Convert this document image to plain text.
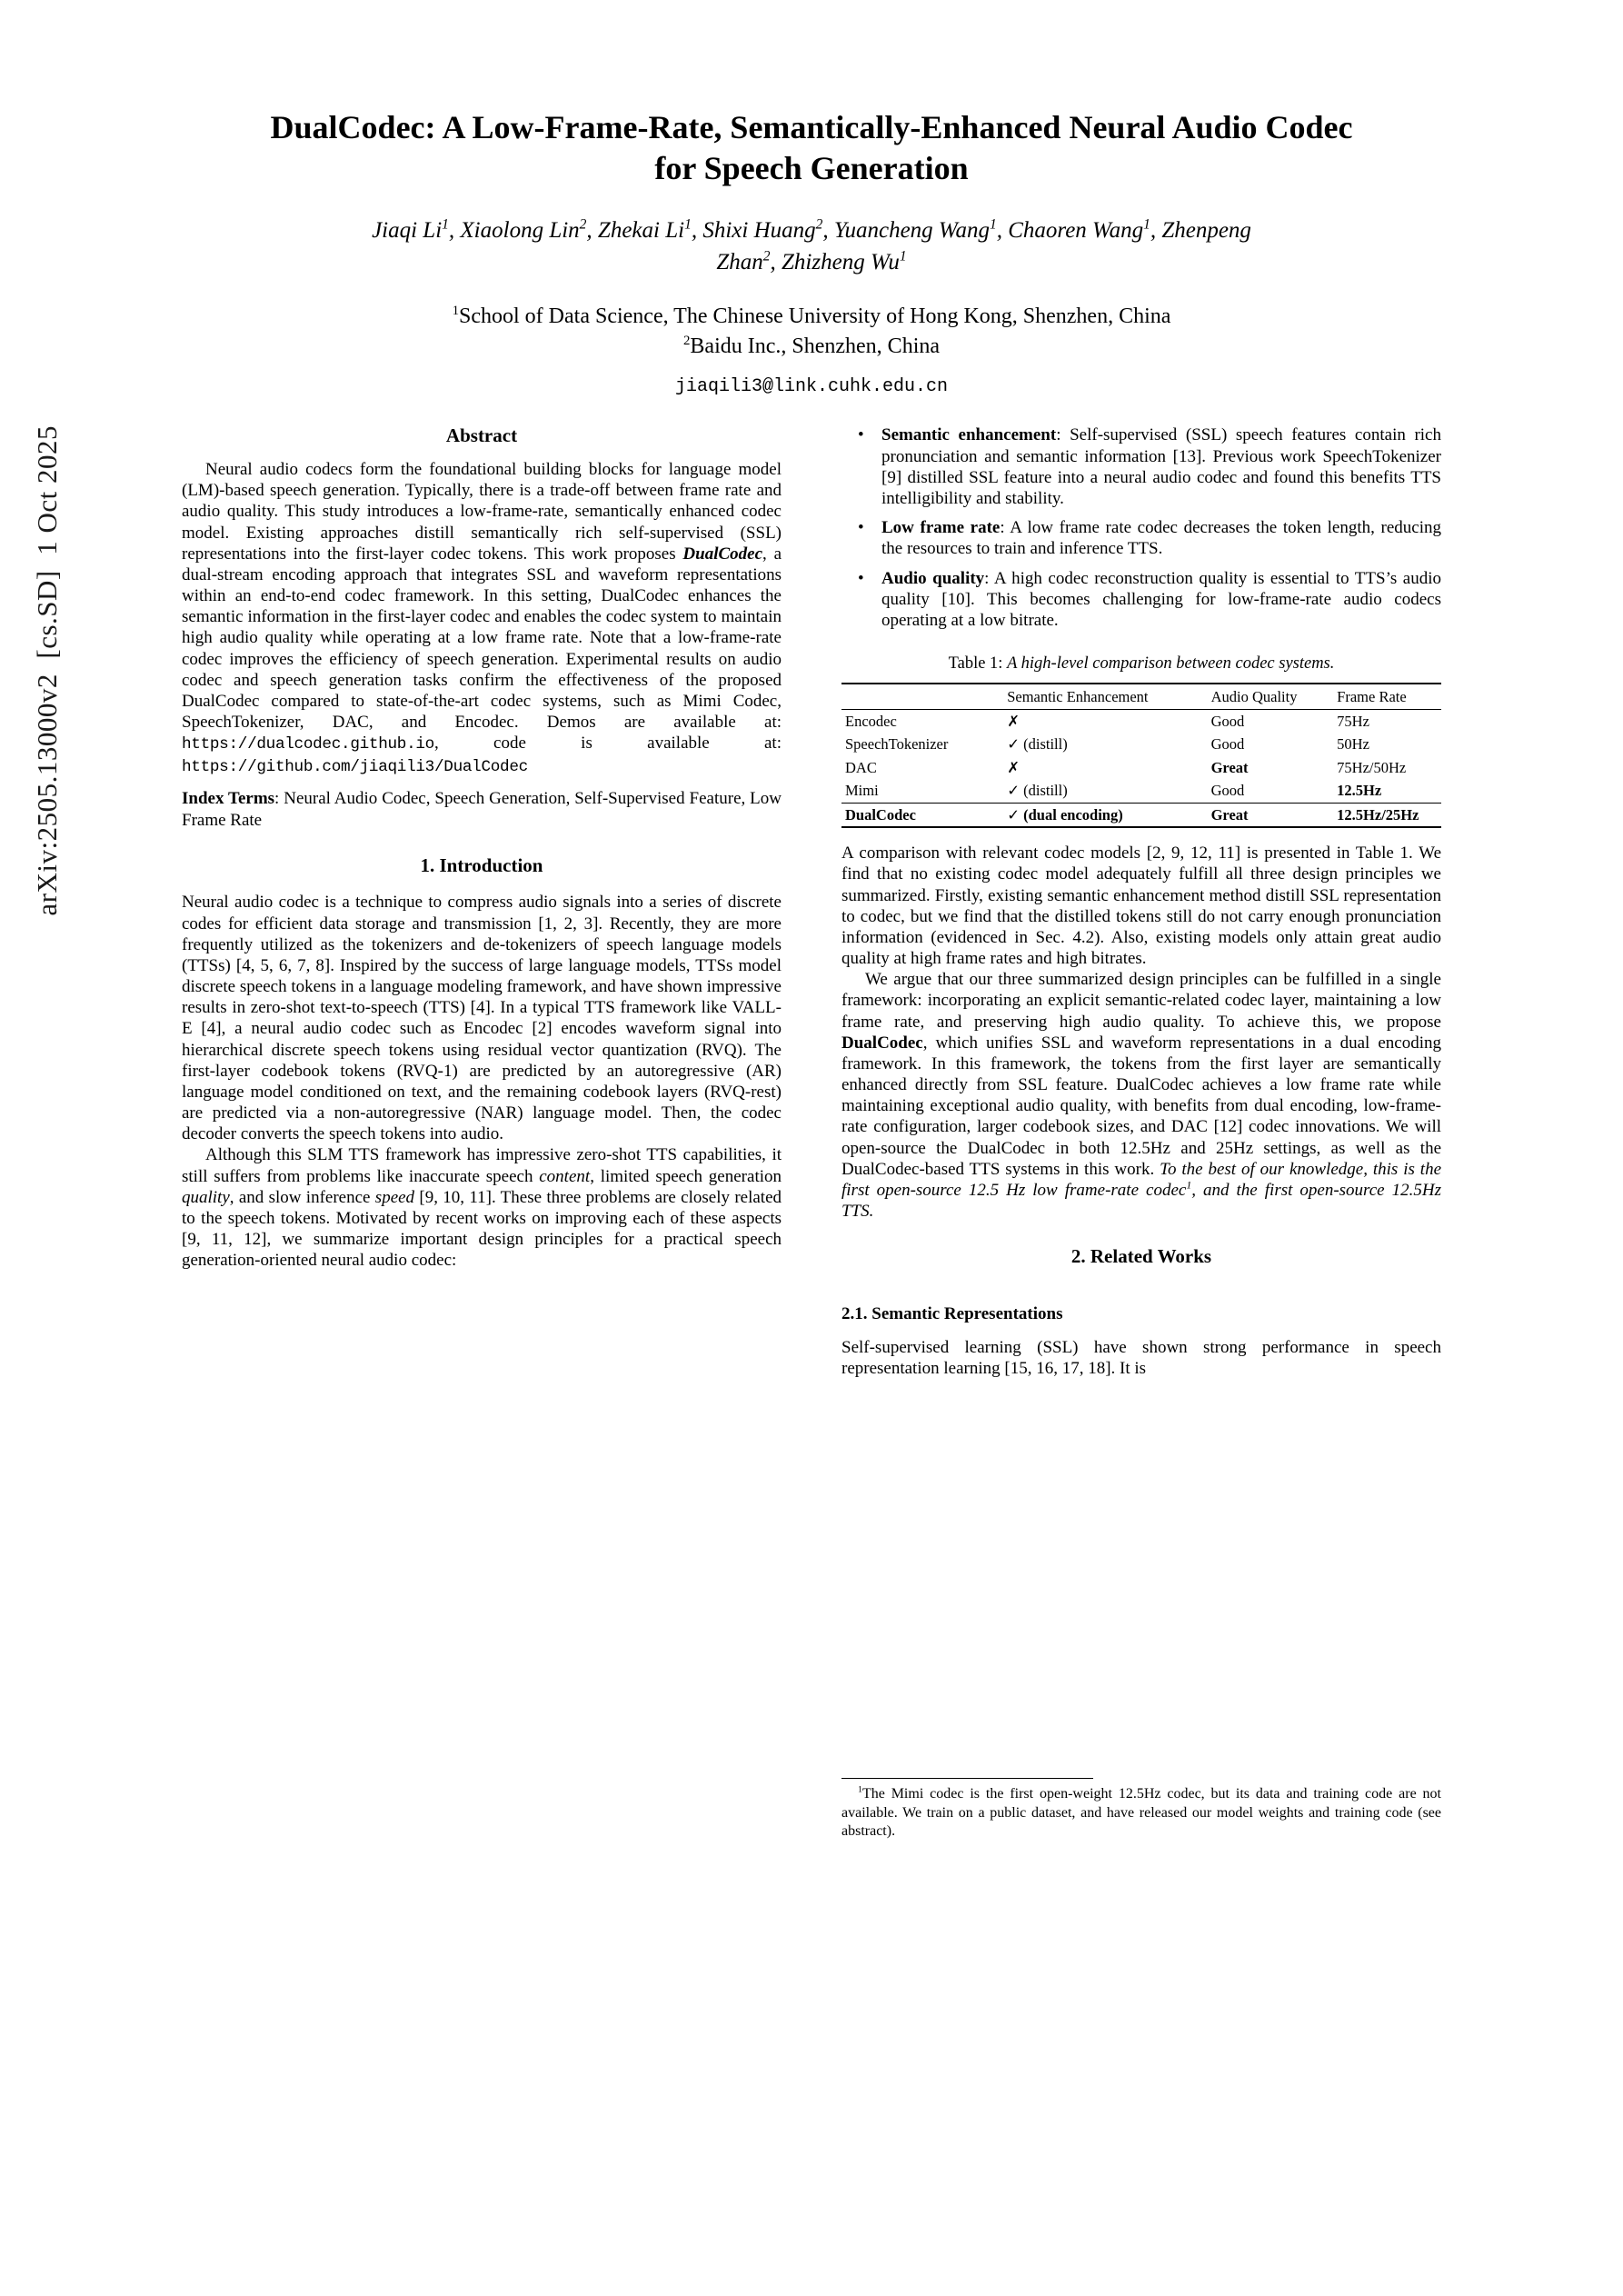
arXiv:2505.13000v2  [cs.SD]  1 Oct 2025
DualCodec: A Low-Frame-Rate, Semantically-Enhanced Neural Audio Codec
for Speech Generation
Jiaqi Li$^1$, Xiaolong Lin$^2$, Zhekai Li$^1$, Shixi Huang$^2$, Yuancheng Wang$^1$, Chaoren Wang$^1$, Zhenpeng
Zhan$^2$, Zhizheng Wu$^1$
$^1$School of Data Science, The Chinese University of Hong Kong, Shenzhen, China
$^2$Baidu Inc., Shenzhen, China
jiaqili3@link.cuhk.edu.cn
Abstract

Neural audio codecs form the foundational building blocks for language model (LM)-based speech generation. Typically, there is a trade-off between frame rate and audio quality. This study introduces a low-frame-rate, semantically enhanced codec model. Existing approaches distill semantically rich self-supervised (SSL) representations into the first-layer codec tokens. This work proposes DualCodec, a dual-stream encoding approach that integrates SSL and waveform representations within an end-to-end codec framework. In this setting, DualCodec enhances the semantic information in the first-layer codec and enables the codec system to maintain high audio quality while operating at a low frame rate. Note that a low-frame-rate codec improves the efficiency of speech generation. Experimental results on audio codec and speech generation tasks confirm the effectiveness of the proposed DualCodec compared to state-of-the-art codec systems, such as Mimi Codec, SpeechTokenizer, DAC, and Encodec. Demos are available at: https://dualcodec.github.io, code is available at: https://github.com/jiaqili3/DualCodec

Index Terms: Neural Audio Codec, Speech Generation, Self-Supervised Feature, Low Frame Rate

1. Introduction

Neural audio codec is a technique to compress audio signals into a series of discrete codes for efficient data storage and transmission [1, 2, 3]. Recently, they are more frequently utilized as the tokenizers and de-tokenizers of speech language models (TTSs) [4, 5, 6, 7, 8]. Inspired by the success of large language models, TTSs model discrete speech tokens in a language modeling framework, and have shown impressive results in zero-shot text-to-speech (TTS) [4]. In a typical TTS framework like VALL-E [4], a neural audio codec such as Encodec [2] encodes waveform signal into hierarchical discrete speech tokens using residual vector quantization (RVQ). The first-layer codebook tokens (RVQ-1) are predicted by an autoregressive (AR) language model conditioned on text, and the remaining codebook layers (RVQ-rest) are predicted via a non-autoregressive (NAR) language model. Then, the codec decoder converts the speech tokens into audio.

Although this SLM TTS framework has impressive zero-shot TTS capabilities, it still suffers from problems like inaccurate speech content, limited speech generation quality, and slow inference speed [9, 10, 11]. These three problems are closely related to the speech tokens. Motivated by recent works on improving each of these aspects [9, 11, 12], we summarize important design principles for a practical speech generation-oriented neural audio codec:

• Semantic enhancement: Self-supervised (SSL) speech features contain rich pronunciation and semantic information [13]. Previous work SpeechTokenizer [9] distilled SSL feature into a neural audio codec and found this benefits TTS intelligibility and stability.
• Low frame rate: A low frame rate codec decreases the token length, reducing the resources to train and inference TTS.
• Audio quality: A high codec reconstruction quality is essential to TTS’s audio quality [10]. This becomes challenging for low-frame-rate audio codecs operating at a low bitrate.
Table 1: A high-level comparison between codec systems.
	Semantic Enhancement	Audio Quality	Frame Rate
Encodec	✗	Good	75Hz
SpeechTokenizer	✓ (distill)	Good	50Hz
DAC	✗	Great	75Hz/50Hz
Mimi	✓ (distill)	Good	12.5Hz
DualCodec	✓ (dual encoding)	Great	12.5Hz/25Hz

A comparison with relevant codec models [2, 9, 12, 11] is presented in Table 1. We find that no existing codec model adequately fulfill all three design principles we summarized. Firstly, existing semantic enhancement method distill SSL representation to codec, but we find that the distilled tokens still do not carry enough pronunciation information (evidenced in Sec. 4.2). Also, existing models only attain great audio quality at high frame rates and high bitrates.

We argue that our three summarized design principles can be fulfilled in a single framework: incorporating an explicit semantic-related codec layer, maintaining a low frame rate, and preserving high audio quality. To achieve this, we propose DualCodec, which unifies SSL and waveform representations in a dual encoding framework. In this framework, the tokens from the first layer are semantically enhanced directly from SSL feature. DualCodec achieves a low frame rate while maintaining exceptional audio quality, with benefits from dual encoding, low-frame-rate configuration, larger codebook sizes, and DAC [12] codec innovations. We will open-source the DualCodec in both 12.5Hz and 25Hz settings, as well as the DualCodec-based TTS systems in this work. To the best of our knowledge, this is the first open-source 12.5 Hz low frame-rate codec$^1$, and the first open-source 12.5Hz TTS.

2. Related Works
2.1. Semantic Representations

Self-supervised learning (SSL) have shown strong performance in speech representation learning [15, 16, 17, 18]. It is

$^1$The Mimi codec is the first open-weight 12.5Hz codec, but its data and training code are not available. We train on a public dataset, and have released our model weights and training code (see abstract).
